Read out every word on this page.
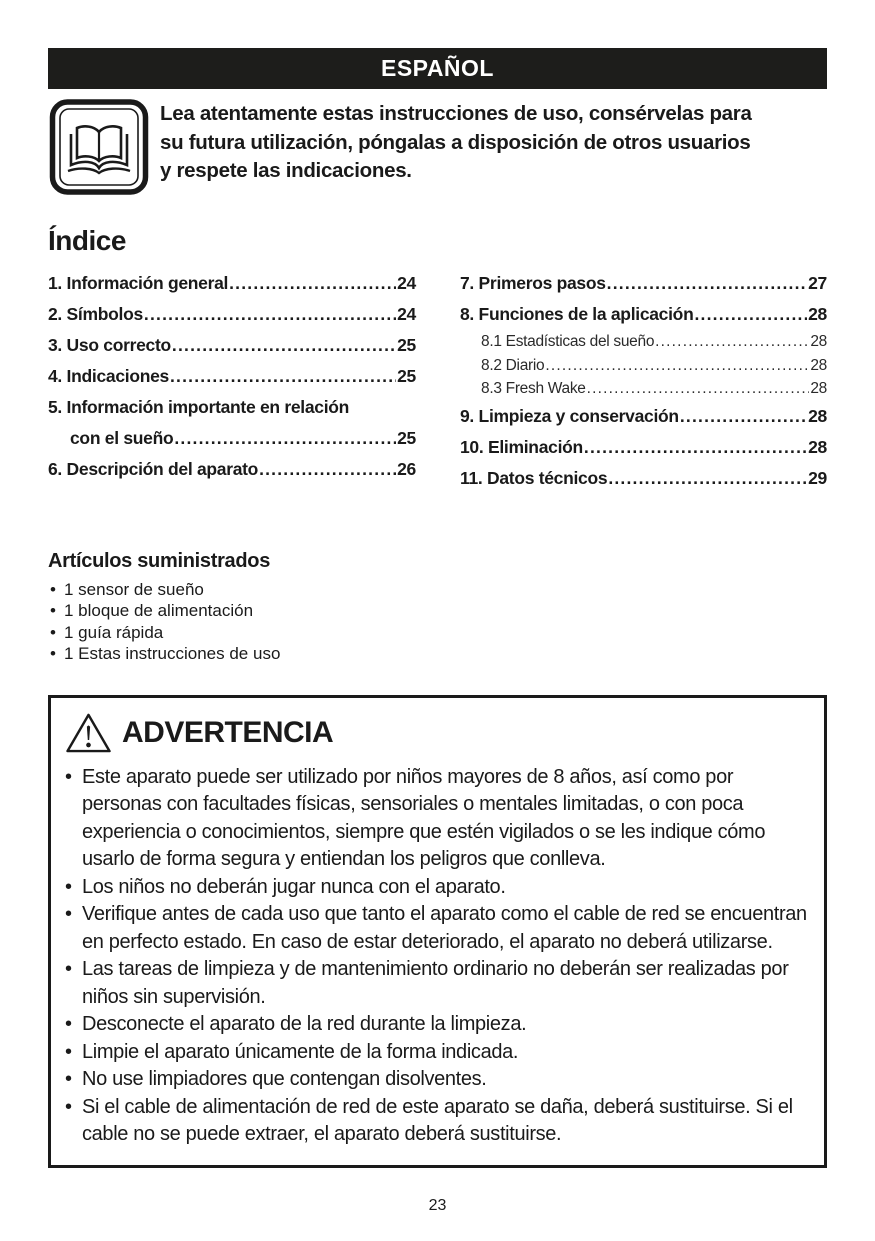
ESPAÑOL
Lea atentamente estas instrucciones de uso, consérvelas para
su futura utilización, póngalas a disposición de otros usuarios
y respete las indicaciones.
Índice
1. Información general .....	24
2. Símbolos .....	24
3. Uso correcto .....	25
4. Indicaciones .....	25
5. Información importante en relación
con el sueño .....	25
6. Descripción del aparato .....	26
7. Primeros pasos .....	27
8. Funciones de la aplicación .....	28
8.1 Estadísticas del sueño .....	28
8.2 Diario .....	28
8.3 Fresh Wake .....	28
9. Limpieza y conservación .....	28
10. Eliminación .....	28
11. Datos técnicos .....	29
Artículos suministrados
• 1 sensor de sueño
• 1 bloque de alimentación
• 1 guía rápida
• 1 Estas instrucciones de uso
ADVERTENCIA
• Este aparato puede ser utilizado por niños mayores de 8 años, así como por personas con facultades físicas, sensoriales o mentales limitadas, o con poca experiencia o conocimientos, siempre que estén vigilados o se les indique cómo usarlo de forma segura y entiendan los peligros que conlleva.
• Los niños no deberán jugar nunca con el aparato.
• Verifique antes de cada uso que tanto el aparato como el cable de red se encuentran en perfecto estado. En caso de estar deteriorado, el aparato no deberá utilizarse.
• Las tareas de limpieza y de mantenimiento ordinario no deberán ser realizadas por niños sin supervisión.
• Desconecte el aparato de la red durante la limpieza.
• Limpie el aparato únicamente de la forma indicada.
• No use limpiadores que contengan disolventes.
• Si el cable de alimentación de red de este aparato se daña, deberá sustituirse. Si el cable no se puede extraer, el aparato deberá sustituirse.
23
